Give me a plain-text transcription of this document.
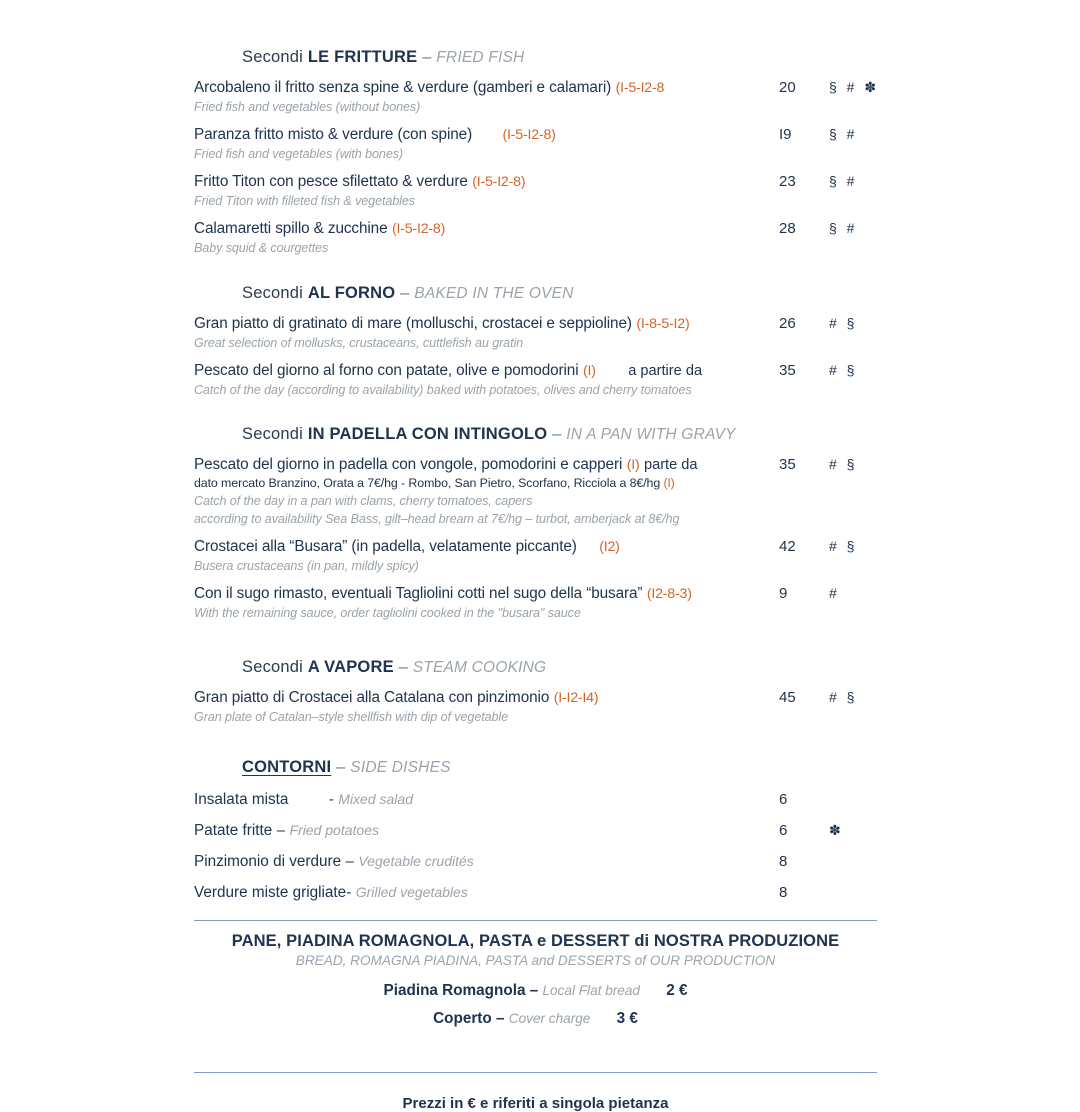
Secondi LE FRITTURE – FRIED FISH
Arcobaleno il fritto senza spine & verdure (gamberi e calamari) (I-5-I2-8	20	§ # ✽
Fried fish and vegetables (without bones)
Paranza fritto misto & verdure (con spine) (I-5-I2-8)	I9	§ #
Fried fish and vegetables (with bones)
Fritto Titon con pesce sfilettato & verdure (I-5-I2-8)	23	§ #
Fried Titon with filleted fish & vegetables
Calamaretti spillo & zucchine (I-5-I2-8)	28	§ #
Baby squid & courgettes
Secondi AL FORNO – BAKED IN THE OVEN
Gran piatto di gratinato di mare (molluschi, crostacei e seppioline) (I-8-5-I2)	26	# §
Great selection of mollusks, crustaceans, cuttlefish au gratin
Pescato del giorno al forno con patate, olive e pomodorini (I) a partire da	35	# §
Catch of the day (according to availability) baked with potatoes, olives and cherry tomatoes
Secondi IN PADELLA CON INTINGOLO – IN A PAN WITH GRAVY
Pescato del giorno in padella con vongole, pomodorini e capperi (I) parte da	35	# §
dato mercato Branzino, Orata a 7€/hg - Rombo, San Pietro, Scorfano, Ricciola a 8€/hg (I)
Catch of the day in a pan with clams, cherry tomatoes, capers
according to availability Sea Bass, gilt–head bream at 7€/hg – turbot, amberjack at 8€/hg
Crostacei alla “Busara” (in padella, velatamente piccante) (I2)	42	# §
Busera crustaceans (in pan, mildly spicy)
Con il sugo rimasto, eventuali Tagliolini cotti nel sugo della “busara” (I2-8-3)	9	#
With the remaining sauce, order tagliolini cooked in the "busara" sauce
Secondi A VAPORE – STEAM COOKING
Gran piatto di Crostacei alla Catalana con pinzimonio (I-I2-I4)	45	# §
Gran plate of Catalan–style shellfish with dip of vegetable
CONTORNI – SIDE DISHES
Insalata mista	- Mixed salad	6
Patate fritte – Fried potatoes	6	✽
Pinzimonio di verdure – Vegetable crudités	8
Verdure miste grigliate- Grilled vegetables	8
PANE, PIADINA ROMAGNOLA, PASTA e DESSERT di NOSTRA PRODUZIONE
BREAD, ROMAGNA PIADINA, PASTA and DESSERTS of OUR PRODUCTION
Piadina Romagnola – Local Flat bread 2 €
Coperto – Cover charge 3 €
Prezzi in € e riferiti a singola pietanza
